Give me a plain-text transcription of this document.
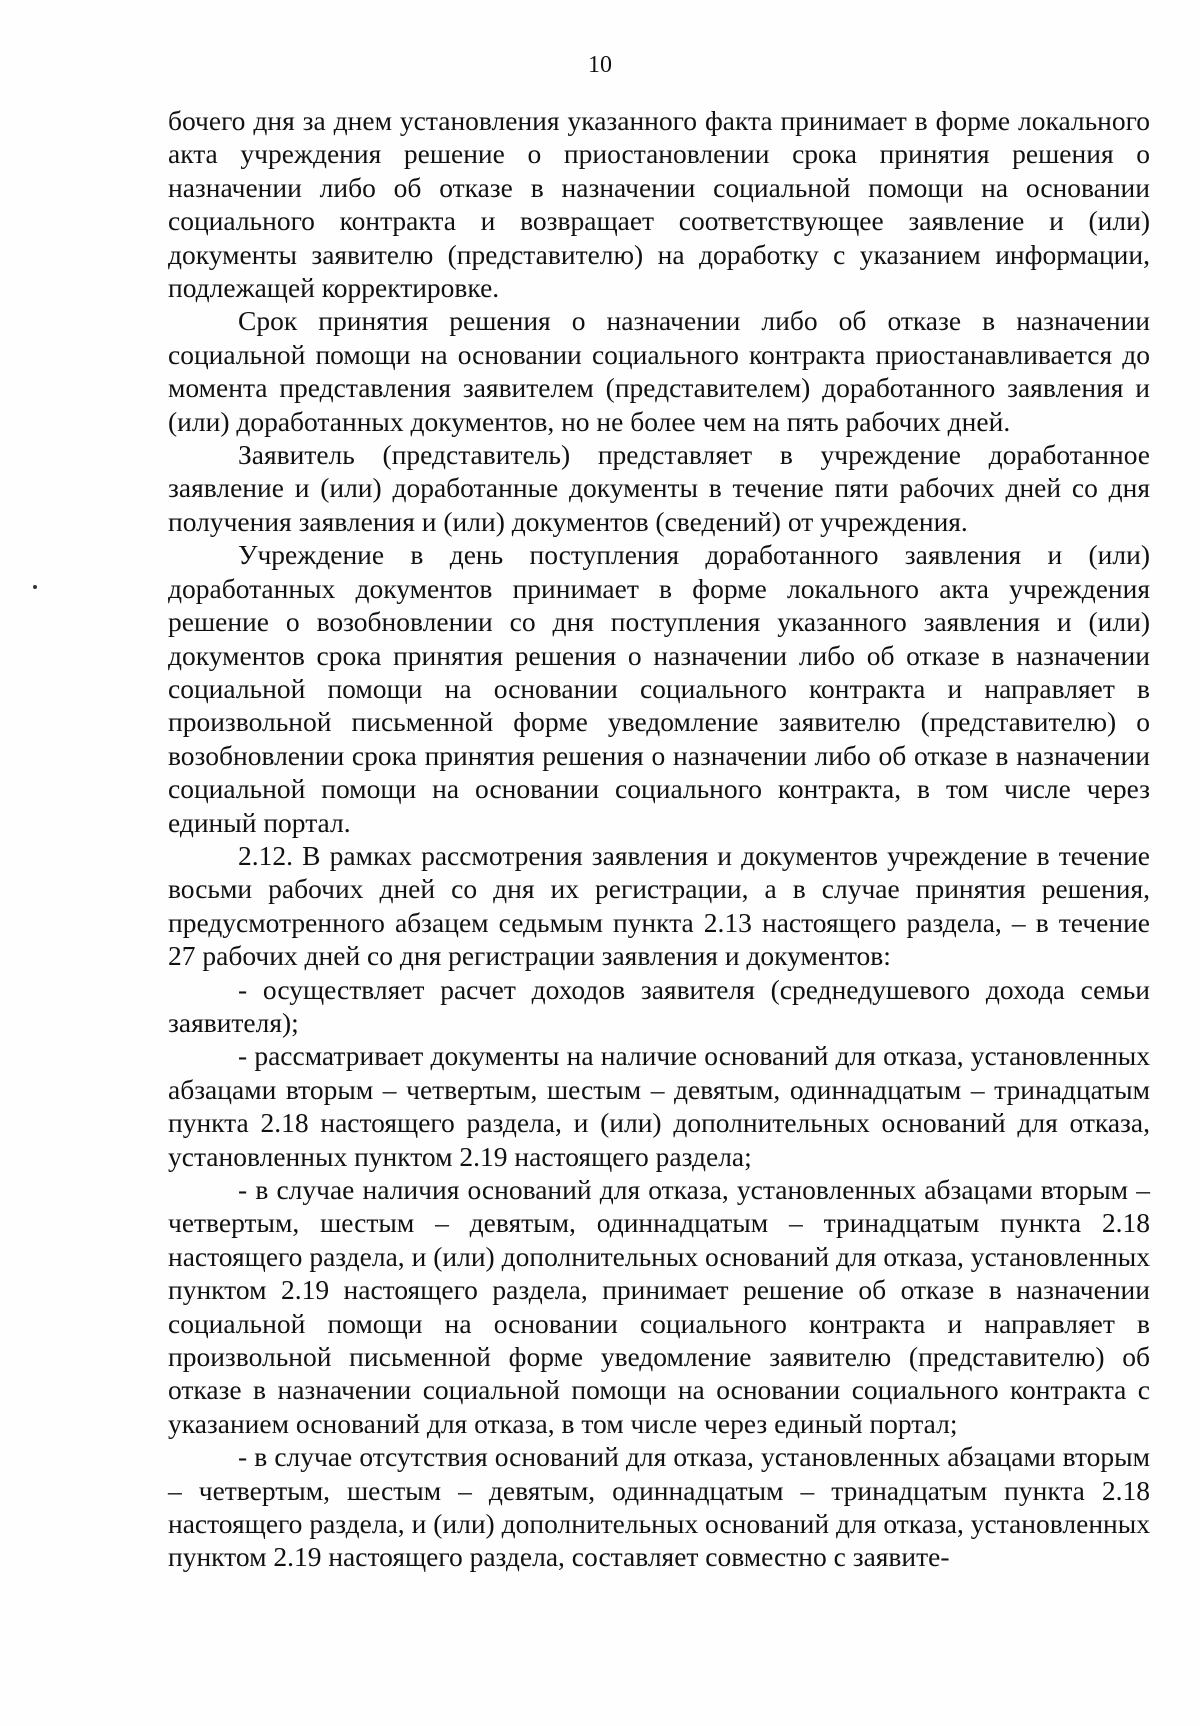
10

бочего дня за днем установления указанного факта принимает в форме локального акта учреждения решение о приостановлении срока принятия решения о назначении либо об отказе в назначении социальной помощи на основании социального контракта и возвращает соответствующее заявление и (или) документы заявителю (представителю) на доработку с указанием информации, подлежащей корректировке.

Срок принятия решения о назначении либо об отказе в назначении социальной помощи на основании социального контракта приостанавливается до момента представления заявителем (представителем) доработанного заявления и (или) доработанных документов, но не более чем на пять рабочих дней.

Заявитель (представитель) представляет в учреждение доработанное заявление и (или) доработанные документы в течение пяти рабочих дней со дня получения заявления и (или) документов (сведений) от учреждения.

Учреждение в день поступления доработанного заявления и (или) доработанных документов принимает в форме локального акта учреждения решение о возобновлении со дня поступления указанного заявления и (или) документов срока принятия решения о назначении либо об отказе в назначении социальной помощи на основании социального контракта и направляет в произвольной письменной форме уведомление заявителю (представителю) о возобновлении срока принятия решения о назначении либо об отказе в назначении социальной помощи на основании социального контракта, в том числе через единый портал.

2.12. В рамках рассмотрения заявления и документов учреждение в течение восьми рабочих дней со дня их регистрации, а в случае принятия решения, предусмотренного абзацем седьмым пункта 2.13 настоящего раздела, – в течение 27 рабочих дней со дня регистрации заявления и документов:

- осуществляет расчет доходов заявителя (среднедушевого дохода семьи заявителя);

- рассматривает документы на наличие оснований для отказа, установленных абзацами вторым – четвертым, шестым – девятым, одиннадцатым – тринадцатым пункта 2.18 настоящего раздела, и (или) дополнительных оснований для отказа, установленных пунктом 2.19 настоящего раздела;

- в случае наличия оснований для отказа, установленных абзацами вторым – четвертым, шестым – девятым, одиннадцатым – тринадцатым пункта 2.18 настоящего раздела, и (или) дополнительных оснований для отказа, установленных пунктом 2.19 настоящего раздела, принимает решение об отказе в назначении социальной помощи на основании социального контракта и направляет в произвольной письменной форме уведомление заявителю (представителю) об отказе в назначении социальной помощи на основании социального контракта с указанием оснований для отказа, в том числе через единый портал;

- в случае отсутствия оснований для отказа, установленных абзацами вторым – четвертым, шестым – девятым, одиннадцатым – тринадцатым пункта 2.18 настоящего раздела, и (или) дополнительных оснований для отказа, установленных пунктом 2.19 настоящего раздела, составляет совместно с заявите-
